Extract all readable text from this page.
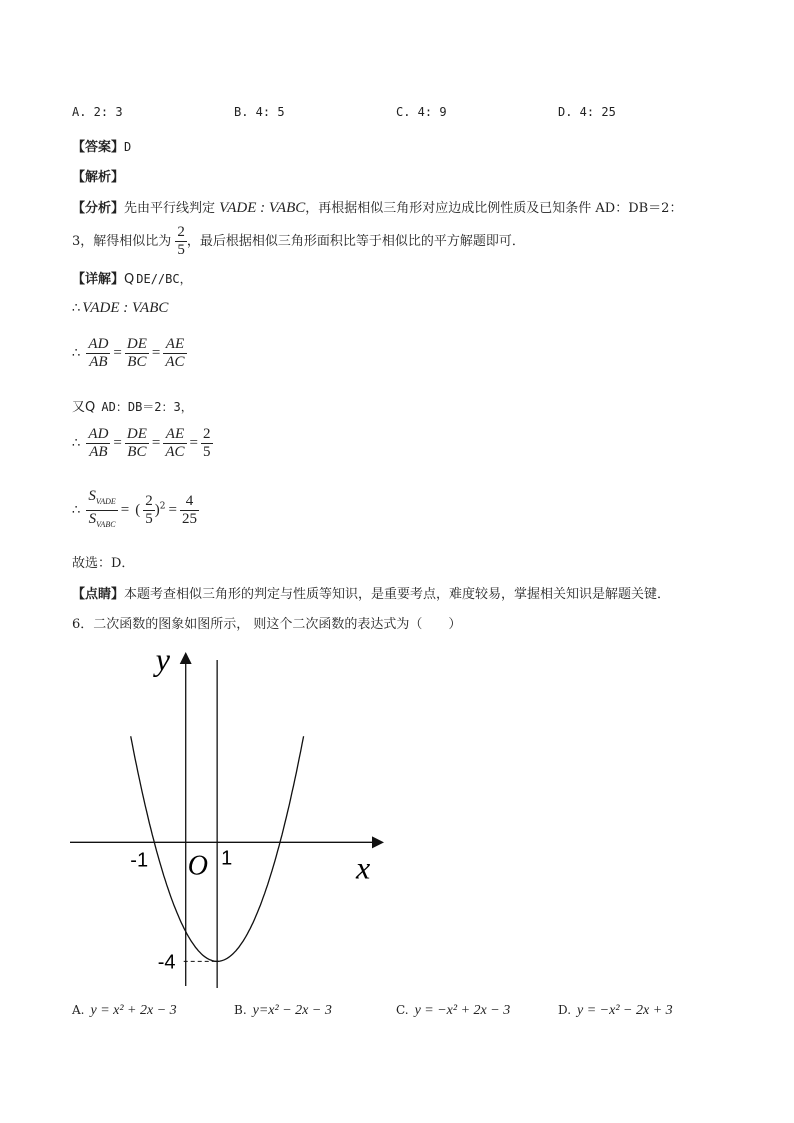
A. 2: 3	B. 4: 5	C. 4: 9	D. 4: 25
【答案】D
【解析】
【分析】先由平行线判定 VADE : VABC，再根据相似三角形对应边成比例性质及已知条件 AD：DB＝2：
3，解得相似比为 $\frac{2}{5}$ ，最后根据相似三角形面积比等于相似比的平方解题即可．
【详解】Q DE//BC，
∴ VADE : VABC
∴ $\frac{AD}{AB} = \frac{DE}{BC} = \frac{AE}{AC}$
又Q AD：DB＝2：3，
∴ $\frac{AD}{AB} = \frac{DE}{BC} = \frac{AE}{AC} = \frac{2}{5}$
∴ $\frac{S_{VADE}}{S_{VABC}}$ = ( $\frac{2}{5} )^2 = \frac{4}{25}$
故选：D．
【点睛】本题考查相似三角形的判定与性质等知识，是重要考点，难度较易，掌握相关知识是解题关键．
6．二次函数的图象如图所示， 则这个二次函数的表达式为（　　）
y
x
O
-1	1
-4
A. y = x² + 2x − 3	B. y=x² − 2x − 3	C. y = −x² + 2x − 3	D. y = −x² − 2x + 3
